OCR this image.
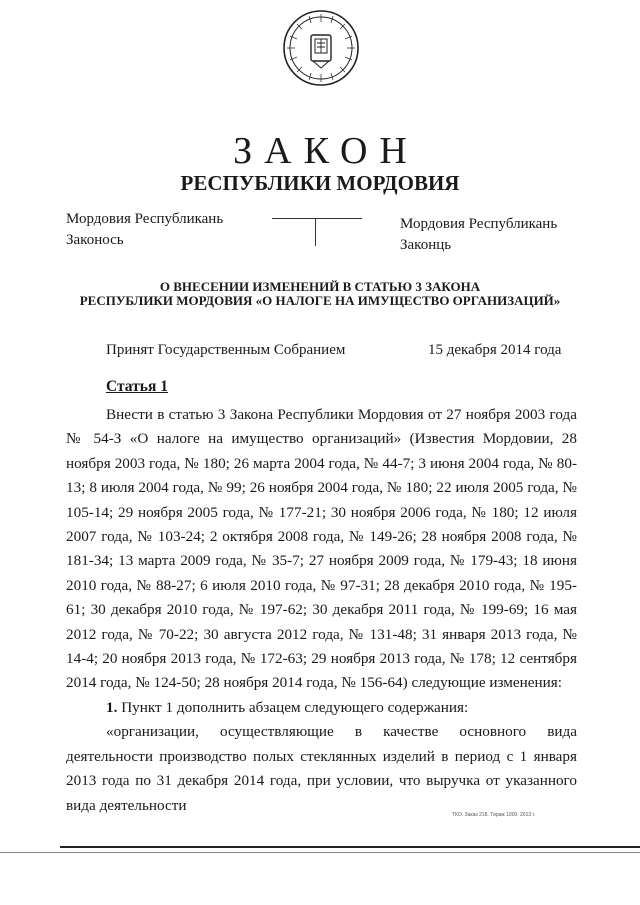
ЗАКОН
РЕСПУБЛИКИ МОРДОВИЯ
Мордовия Республикань
Законось
Мордовия Республикань
Законць
О ВНЕСЕНИИ ИЗМЕНЕНИЙ В СТАТЬЮ 3 ЗАКОНА
РЕСПУБЛИКИ МОРДОВИЯ «О НАЛОГЕ НА ИМУЩЕСТВО ОРГАНИЗАЦИЙ»
Принят Государственным Собранием	15 декабря 2014 года
Статья 1

Внести в статью 3 Закона Республики Мордовия от 27 ноября 2003 года № 54-З «О налоге на имущество организаций» (Известия Мордовии, 28 ноября 2003 года, № 180; 26 марта 2004 года, № 44-7; 3 июня 2004 года, № 80-13; 8 июля 2004 года, № 99; 26 ноября 2004 года, № 180; 22 июля 2005 года, № 105-14; 29 ноября 2005 года, № 177-21; 30 ноября 2006 года, № 180; 12 июля 2007 года, № 103-24; 2 октября 2008 года, № 149-26; 28 ноября 2008 года, № 181-34; 13 марта 2009 года, № 35-7; 27 ноября 2009 года, № 179-43; 18 июня 2010 года, № 88-27; 6 июля 2010 года, № 97-31; 28 декабря 2010 года, № 195-61; 30 декабря 2010 года, № 197-62; 30 декабря 2011 года, № 199-69; 16 мая 2012 года, № 70-22; 30 августа 2012 года, № 131-48; 31 января 2013 года, № 14-4; 20 ноября 2013 года, № 172-63; 29 ноября 2013 года, № 178; 12 сентября 2014 года, № 124-50; 28 ноября 2014 года, № 156-64) следующие изменения:

1. Пункт 1 дополнить абзацем следующего содержания:

«организации, осуществляющие в качестве основного вида деятельности производство полых стеклянных изделий в период с 1 января 2013 года по 31 декабря 2014 года, при условии, что выручка от указанного вида деятельности

ТКО. Заказ 218. Тираж 1000. 2013 г.
